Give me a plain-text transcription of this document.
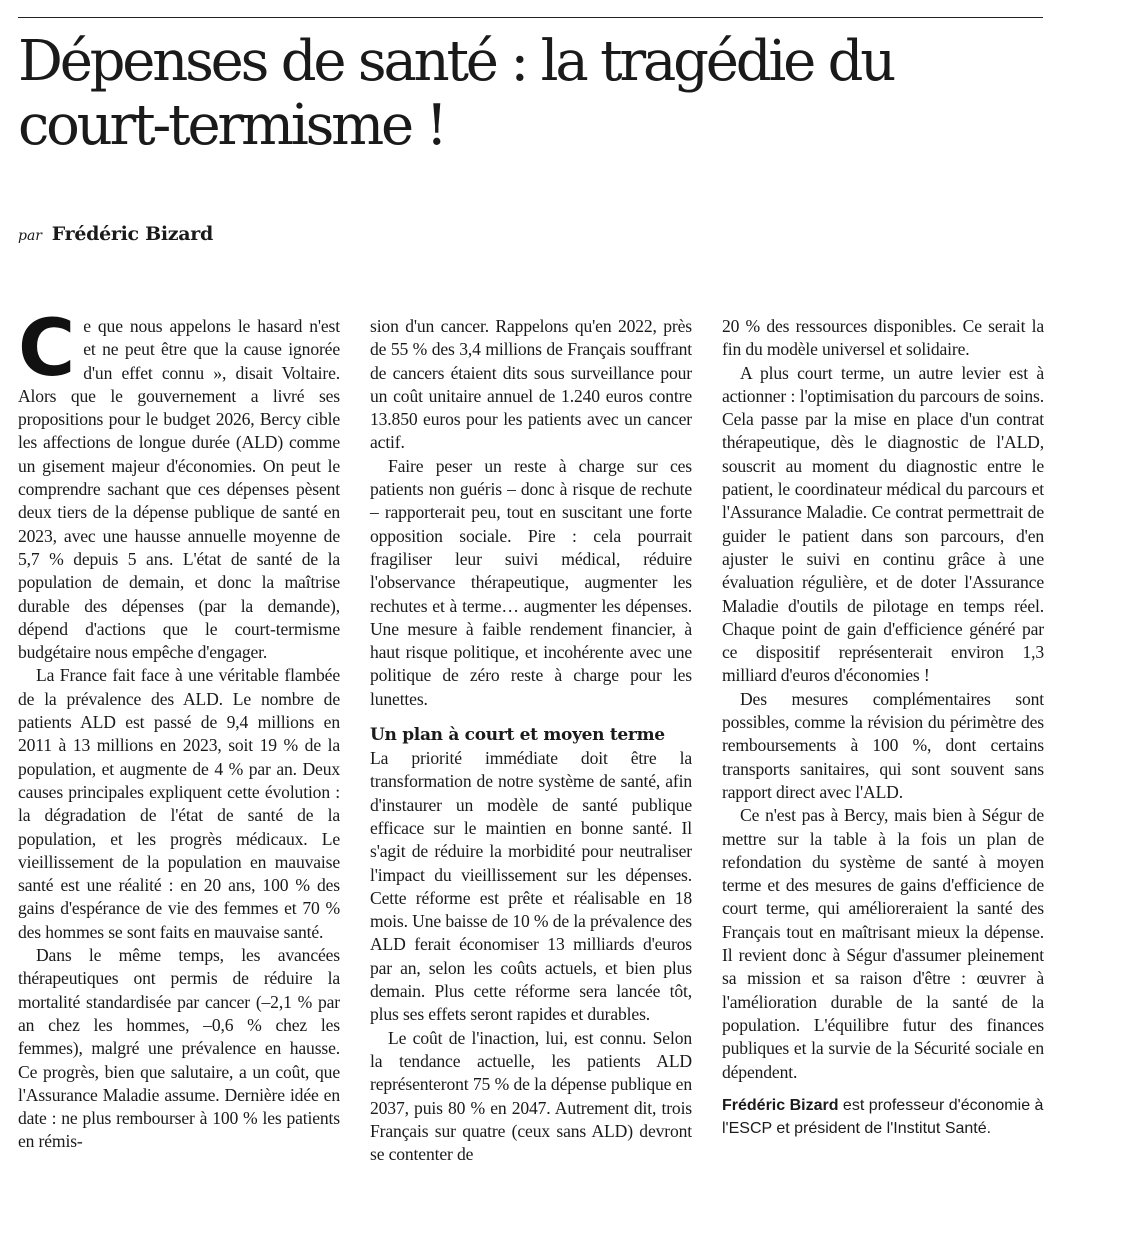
Dépenses de santé : la tragédie du court-termisme !
par Frédéric Bizard

Ce que nous appelons le hasard n'est et ne peut être que la cause ignorée d'un effet connu », disait Voltaire. Alors que le gouvernement a livré ses propositions pour le budget 2026, Bercy cible les affections de longue durée (ALD) comme un gisement majeur d'économies. On peut le comprendre sachant que ces dépenses pèsent deux tiers de la dépense publique de santé en 2023, avec une hausse annuelle moyenne de 5,7 % depuis 5 ans. L'état de santé de la population de demain, et donc la maîtrise durable des dépenses (par la demande), dépend d'actions que le court-termisme budgétaire nous empêche d'engager.

La France fait face à une véritable flambée de la prévalence des ALD. Le nombre de patients ALD est passé de 9,4 millions en 2011 à 13 millions en 2023, soit 19 % de la population, et augmente de 4 % par an. Deux causes principales expliquent cette évolution : la dégradation de l'état de santé de la population, et les progrès médicaux. Le vieillissement de la population en mauvaise santé est une réalité : en 20 ans, 100 % des gains d'espérance de vie des femmes et 70 % des hommes se sont faits en mauvaise santé.

Dans le même temps, les avancées thérapeutiques ont permis de réduire la mortalité standardisée par cancer (–2,1 % par an chez les hommes, –0,6 % chez les femmes), malgré une prévalence en hausse. Ce progrès, bien que salutaire, a un coût, que l'Assurance Maladie assume. Dernière idée en date : ne plus rembourser à 100 % les patients en rémis-

sion d'un cancer. Rappelons qu'en 2022, près de 55 % des 3,4 millions de Français souffrant de cancers étaient dits sous surveillance pour un coût unitaire annuel de 1.240 euros contre 13.850 euros pour les patients avec un cancer actif.

Faire peser un reste à charge sur ces patients non guéris – donc à risque de rechute – rapporterait peu, tout en suscitant une forte opposition sociale. Pire : cela pourrait fragiliser leur suivi médical, réduire l'observance thérapeutique, augmenter les rechutes et à terme… augmenter les dépenses. Une mesure à faible rendement financier, à haut risque politique, et incohérente avec une politique de zéro reste à charge pour les lunettes.

Un plan à court et moyen terme

La priorité immédiate doit être la transformation de notre système de santé, afin d'instaurer un modèle de santé publique efficace sur le maintien en bonne santé. Il s'agit de réduire la morbidité pour neutraliser l'impact du vieillissement sur les dépenses. Cette réforme est prête et réalisable en 18 mois. Une baisse de 10 % de la prévalence des ALD ferait économiser 13 milliards d'euros par an, selon les coûts actuels, et bien plus demain. Plus cette réforme sera lancée tôt, plus ses effets seront rapides et durables.

Le coût de l'inaction, lui, est connu. Selon la tendance actuelle, les patients ALD représenteront 75 % de la dépense publique en 2037, puis 80 % en 2047. Autrement dit, trois Français sur quatre (ceux sans ALD) devront se contenter de

20 % des ressources disponibles. Ce serait la fin du modèle universel et solidaire.

A plus court terme, un autre levier est à actionner : l'optimisation du parcours de soins. Cela passe par la mise en place d'un contrat thérapeutique, dès le diagnostic de l'ALD, souscrit au moment du diagnostic entre le patient, le coordinateur médical du parcours et l'Assurance Maladie. Ce contrat permettrait de guider le patient dans son parcours, d'en ajuster le suivi en continu grâce à une évaluation régulière, et de doter l'Assurance Maladie d'outils de pilotage en temps réel. Chaque point de gain d'efficience généré par ce dispositif représenterait environ 1,3 milliard d'euros d'économies !

Des mesures complémentaires sont possibles, comme la révision du périmètre des remboursements à 100 %, dont certains transports sanitaires, qui sont souvent sans rapport direct avec l'ALD.

Ce n'est pas à Bercy, mais bien à Ségur de mettre sur la table à la fois un plan de refondation du système de santé à moyen terme et des mesures de gains d'efficience de court terme, qui amélioreraient la santé des Français tout en maîtrisant mieux la dépense. Il revient donc à Ségur d'assumer pleinement sa mission et sa raison d'être : œuvrer à l'amélioration durable de la santé de la population. L'équilibre futur des finances publiques et la survie de la Sécurité sociale en dépendent.

Frédéric Bizard est professeur d'économie à l'ESCP et président de l'Institut Santé.
